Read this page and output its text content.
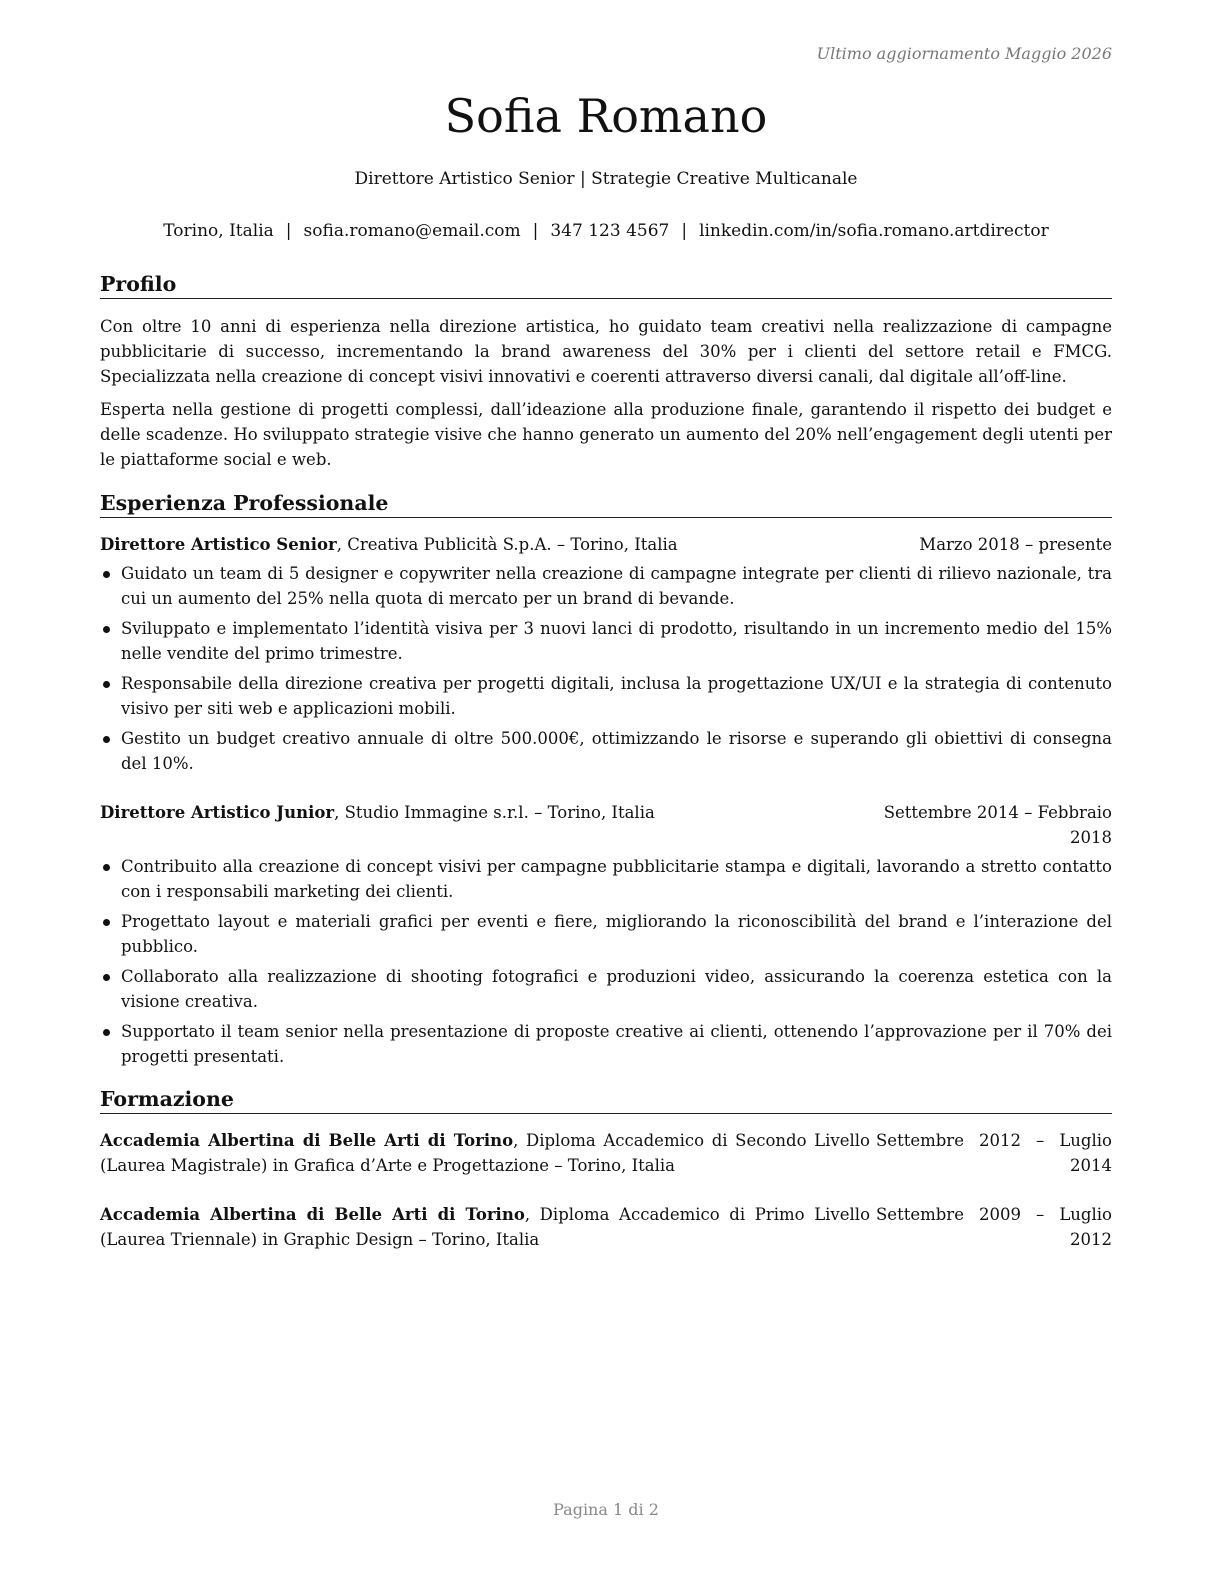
Ultimo aggiornamento Maggio 2026
Sofia Romano
Direttore Artistico Senior | Strategie Creative Multicanale
Torino, Italia | sofia.romano@email.com | 347 123 4567 | linkedin.com/in/sofia.romano.artdirector
Profilo

Con oltre 10 anni di esperienza nella direzione artistica, ho guidato team creativi nella realizzazione di campagne pubblicitarie di successo, incrementando la brand awareness del 30% per i clienti del settore retail e FMCG. Specializzata nella creazione di concept visivi innovativi e coerenti attraverso diversi canali, dal digitale all’off-line.

Esperta nella gestione di progetti complessi, dall’ideazione alla produzione finale, garantendo il rispetto dei budget e delle scadenze. Ho sviluppato strategie visive che hanno generato un aumento del 20% nell’engagement degli utenti per le piattaforme social e web.

Esperienza Professionale
Direttore Artistico Senior, Creativa Publicità S.p.A. – Torino, Italia	Marzo 2018 – presente
Guidato un team di 5 designer e copywriter nella creazione di campagne integrate per clienti di rilievo nazionale, tra cui un aumento del 25% nella quota di mercato per un brand di bevande.
Sviluppato e implementato l’identità visiva per 3 nuovi lanci di prodotto, risultando in un incremento medio del 15% nelle vendite del primo trimestre.
Responsabile della direzione creativa per progetti digitali, inclusa la progettazione UX/UI e la strategia di contenuto visivo per siti web e applicazioni mobili.
Gestito un budget creativo annuale di oltre 500.000€, ottimizzando le risorse e superando gli obiettivi di consegna del 10%.
Direttore Artistico Junior, Studio Immagine s.r.l. – Torino, Italia	Settembre 2014 – Febbraio 2018
Contribuito alla creazione di concept visivi per campagne pubblicitarie stampa e digitali, lavorando a stretto contatto con i responsabili marketing dei clienti.
Progettato layout e materiali grafici per eventi e fiere, migliorando la riconoscibilità del brand e l’interazione del pubblico.
Collaborato alla realizzazione di shooting fotografici e produzioni video, assicurando la coerenza estetica con la visione creativa.
Supportato il team senior nella presentazione di proposte creative ai clienti, ottenendo l’approvazione per il 70% dei progetti presentati.
Formazione
Accademia Albertina di Belle Arti di Torino, Diploma Accademico di Secondo Livello (Laurea Magistrale) in Grafica d’Arte e Progettazione – Torino, Italia
Settembre 2012 – Luglio 2014
Accademia Albertina di Belle Arti di Torino, Diploma Accademico di Primo Livello (Laurea Triennale) in Graphic Design – Torino, Italia
Settembre 2009 – Luglio 2012
Pagina 1 di 2
